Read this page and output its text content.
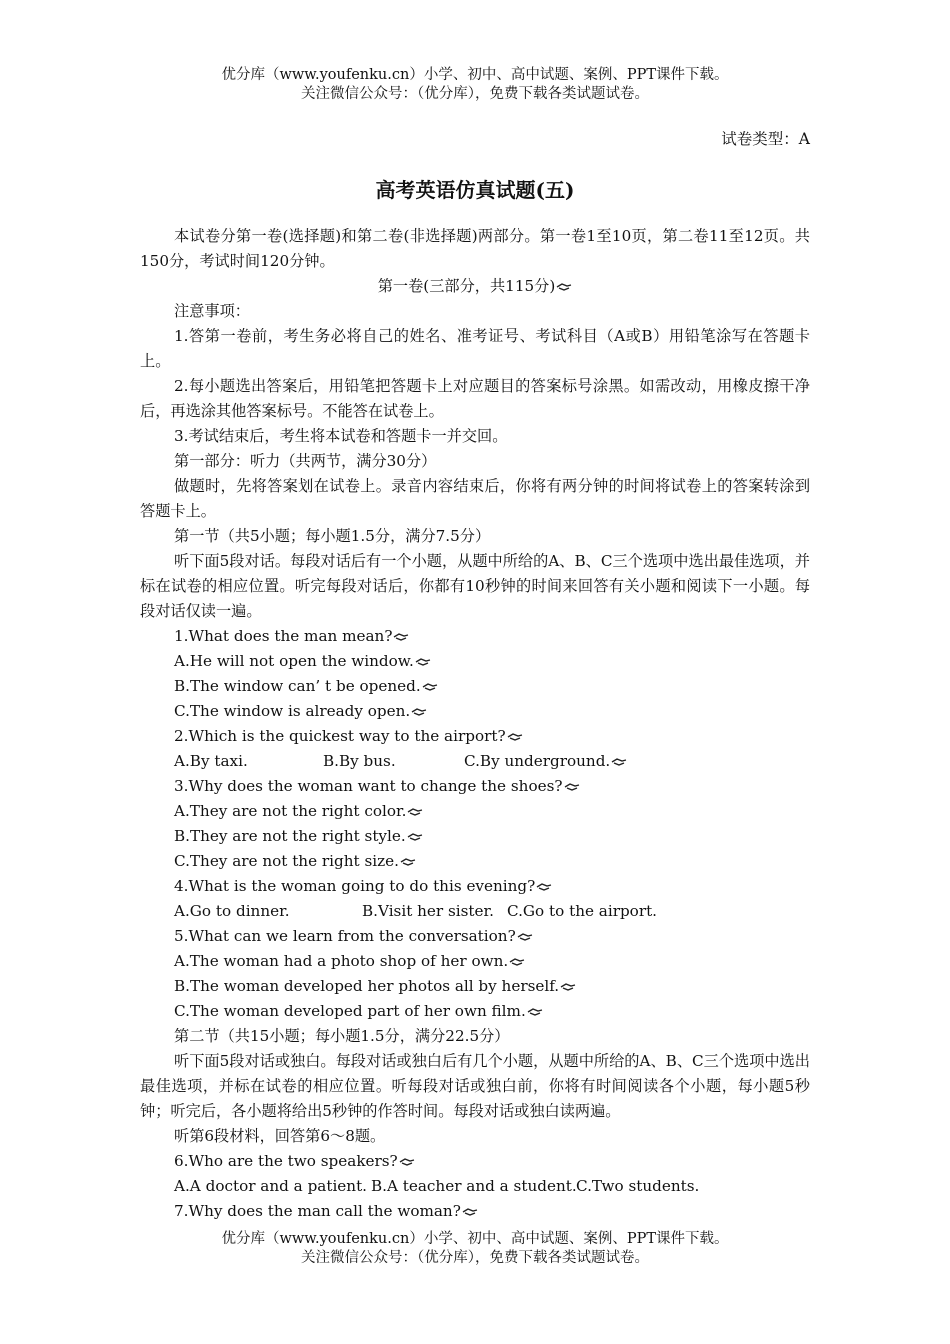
优分库（www.youfenku.cn）小学、初中、高中试题、案例、PPT课件下载。
关注微信公众号：（优分库），免费下载各类试题试卷。
试卷类型：A
高考英语仿真试题(五)

本试卷分第一卷(选择题)和第二卷(非选择题)两部分。第一卷1至10页，第二卷11至12页。共150分，考试时间120分钟。

第一卷(三部分，共115分)

注意事项：

1.答第一卷前，考生务必将自己的姓名、准考证号、考试科目（A或B）用铅笔涂写在答题卡上。

2.每小题选出答案后，用铅笔把答题卡上对应题目的答案标号涂黑。如需改动，用橡皮擦干净后，再选涂其他答案标号。不能答在试卷上。

3.考试结束后，考生将本试卷和答题卡一并交回。

第一部分：听力（共两节，满分30分）

做题时，先将答案划在试卷上。录音内容结束后，你将有两分钟的时间将试卷上的答案转涂到答题卡上。

第一节（共5小题；每小题1.5分，满分7.5分）

听下面5段对话。每段对话后有一个小题，从题中所给的A、B、C三个选项中选出最佳选项，并标在试卷的相应位置。听完每段对话后，你都有10秒钟的时间来回答有关小题和阅读下一小题。每段对话仅读一遍。

1.What does the man mean?

A.He will not open the window.

B.The window can’ t be opened.

C.The window is already open.

2.Which is the quickest way to the airport?

A.By taxi.	B.By bus.	C.By underground.

3.Why does the woman want to change the shoes?

A.They are not the right color.

B.They are not the right style.

C.They are not the right size.

4.What is the woman going to do this evening?

A.Go to dinner.	B.Visit her sister. C.Go to the airport.

5.What can we learn from the conversation?

A.The woman had a photo shop of her own.

B.The woman developed her photos all by herself.

C.The woman developed part of her own film.

第二节（共15小题；每小题1.5分，满分22.5分）

听下面5段对话或独白。每段对话或独白后有几个小题，从题中所给的A、B、C三个选项中选出最佳选项，并标在试卷的相应位置。听每段对话或独白前，你将有时间阅读各个小题，每小题5秒钟；听完后，各小题将给出5秒钟的作答时间。每段对话或独白读两遍。

听第6段材料，回答第6～8题。

6.Who are the two speakers?

A.A doctor and a patient. B.A teacher and a student.C.Two students.

7.Why does the man call the woman?

优分库（www.youfenku.cn）小学、初中、高中试题、案例、PPT课件下载。
关注微信公众号：（优分库），免费下载各类试题试卷。
